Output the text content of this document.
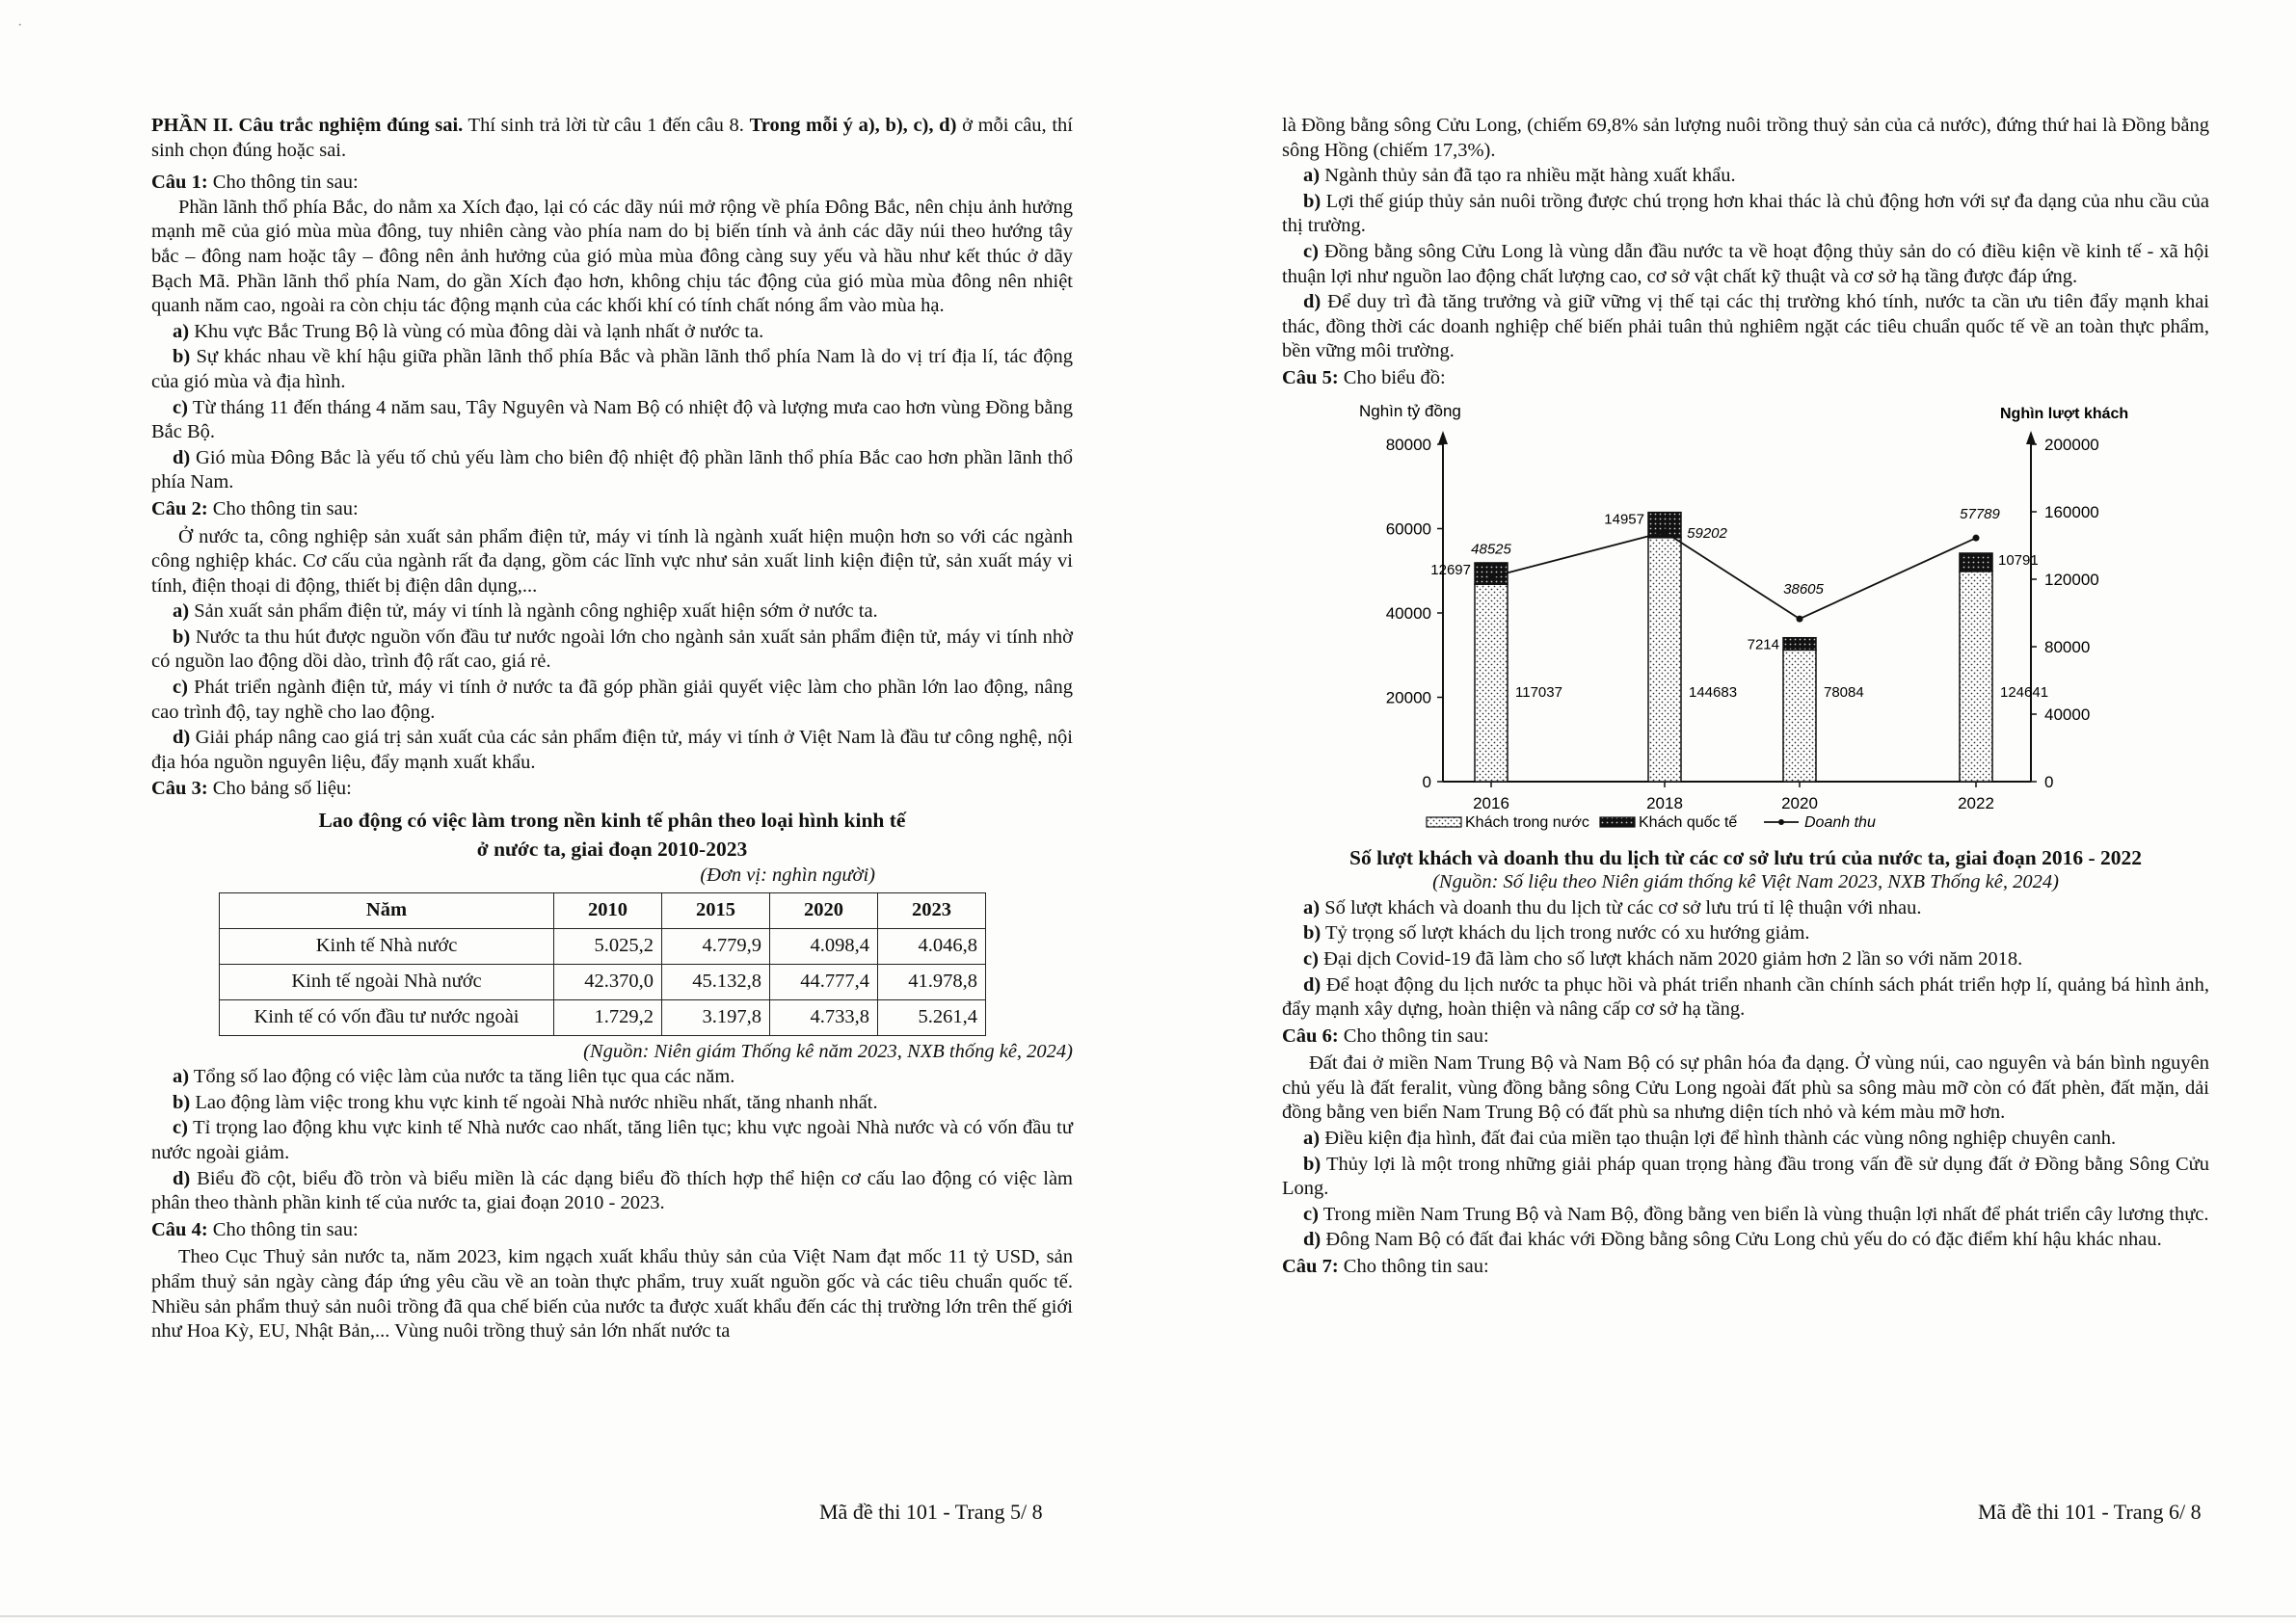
·

PHẦN II. Câu trắc nghiệm đúng sai. Thí sinh trả lời từ câu 1 đến câu 8. Trong mỗi ý a), b), c), d) ở mỗi câu, thí sinh chọn đúng hoặc sai.

Câu 1: Cho thông tin sau:

Phần lãnh thổ phía Bắc, do nằm xa Xích đạo, lại có các dãy núi mở rộng về phía Đông Bắc, nên chịu ảnh hưởng mạnh mẽ của gió mùa mùa đông, tuy nhiên càng vào phía nam do bị biến tính và ảnh các dãy núi theo hướng tây bắc – đông nam hoặc tây – đông nên ảnh hưởng của gió mùa mùa đông càng suy yếu và hầu như kết thúc ở dãy Bạch Mã. Phần lãnh thổ phía Nam, do gần Xích đạo hơn, không chịu tác động của gió mùa mùa đông nên nhiệt quanh năm cao, ngoài ra còn chịu tác động mạnh của các khối khí có tính chất nóng ẩm vào mùa hạ.

a) Khu vực Bắc Trung Bộ là vùng có mùa đông dài và lạnh nhất ở nước ta.

b) Sự khác nhau về khí hậu giữa phần lãnh thổ phía Bắc và phần lãnh thổ phía Nam là do vị trí địa lí, tác động của gió mùa và địa hình.

c) Từ tháng 11 đến tháng 4 năm sau, Tây Nguyên và Nam Bộ có nhiệt độ và lượng mưa cao hơn vùng Đồng bằng Bắc Bộ.

d) Gió mùa Đông Bắc là yếu tố chủ yếu làm cho biên độ nhiệt độ phần lãnh thổ phía Bắc cao hơn phần lãnh thổ phía Nam.

Câu 2: Cho thông tin sau:

Ở nước ta, công nghiệp sản xuất sản phẩm điện tử, máy vi tính là ngành xuất hiện muộn hơn so với các ngành công nghiệp khác. Cơ cấu của ngành rất đa dạng, gồm các lĩnh vực như sản xuất linh kiện điện tử, sản xuất máy vi tính, điện thoại di động, thiết bị điện dân dụng,...

a) Sản xuất sản phẩm điện tử, máy vi tính là ngành công nghiệp xuất hiện sớm ở nước ta.

b) Nước ta thu hút được nguồn vốn đầu tư nước ngoài lớn cho ngành sản xuất sản phẩm điện tử, máy vi tính nhờ có nguồn lao động dồi dào, trình độ rất cao, giá rẻ.

c) Phát triển ngành điện tử, máy vi tính ở nước ta đã góp phần giải quyết việc làm cho phần lớn lao động, nâng cao trình độ, tay nghề cho lao động.

d) Giải pháp nâng cao giá trị sản xuất của các sản phẩm điện tử, máy vi tính ở Việt Nam là đầu tư công nghệ, nội địa hóa nguồn nguyên liệu, đẩy mạnh xuất khẩu.

Câu 3: Cho bảng số liệu:

Lao động có việc làm trong nền kinh tế phân theo loại hình kinh tế
ở nước ta, giai đoạn 2010-2023

(Đơn vị: nghìn người)

Năm	2010	2015	2020	2023
Kinh tế Nhà nước	5.025,2	4.779,9	4.098,4	4.046,8
Kinh tế ngoài Nhà nước	42.370,0	45.132,8	44.777,4	41.978,8
Kinh tế có vốn đầu tư nước ngoài	1.729,2	3.197,8	4.733,8	5.261,4

(Nguồn: Niên giám Thống kê năm 2023, NXB thống kê, 2024)

a) Tổng số lao động có việc làm của nước ta tăng liên tục qua các năm.

b) Lao động làm việc trong khu vực kinh tế ngoài Nhà nước nhiều nhất, tăng nhanh nhất.

c) Tỉ trọng lao động khu vực kinh tế Nhà nước cao nhất, tăng liên tục; khu vực ngoài Nhà nước và có vốn đầu tư nước ngoài giảm.

d) Biểu đồ cột, biểu đồ tròn và biểu miền là các dạng biểu đồ thích hợp thể hiện cơ cấu lao động có việc làm phân theo thành phần kinh tế của nước ta, giai đoạn 2010 - 2023.

Câu 4: Cho thông tin sau:

Theo Cục Thuỷ sản nước ta, năm 2023, kim ngạch xuất khẩu thủy sản của Việt Nam đạt mốc 11 tỷ USD, sản phẩm thuỷ sản ngày càng đáp ứng yêu cầu về an toàn thực phẩm, truy xuất nguồn gốc và các tiêu chuẩn quốc tế. Nhiều sản phẩm thuỷ sản nuôi trồng đã qua chế biến của nước ta được xuất khẩu đến các thị trường lớn trên thế giới như Hoa Kỳ, EU, Nhật Bản,... Vùng nuôi trồng thuỷ sản lớn nhất nước ta

Mã đề thi 101 - Trang 5/ 8

là Đồng bằng sông Cửu Long, (chiếm 69,8% sản lượng nuôi trồng thuỷ sản của cả nước), đứng thứ hai là Đồng bằng sông Hồng (chiếm 17,3%).

a) Ngành thủy sản đã tạo ra nhiều mặt hàng xuất khẩu.

b) Lợi thế giúp thủy sản nuôi trồng được chú trọng hơn khai thác là chủ động hơn với sự đa dạng của nhu cầu của thị trường.

c) Đồng bằng sông Cửu Long là vùng dẫn đầu nước ta về hoạt động thủy sản do có điều kiện về kinh tế - xã hội thuận lợi như nguồn lao động chất lượng cao, cơ sở vật chất kỹ thuật và cơ sở hạ tầng được đáp ứng.

d) Để duy trì đà tăng trưởng và giữ vững vị thế tại các thị trường khó tính, nước ta cần ưu tiên đẩy mạnh khai thác, đồng thời các doanh nghiệp chế biến phải tuân thủ nghiêm ngặt các tiêu chuẩn quốc tế về an toàn thực phẩm, bền vững môi trường.

Câu 5: Cho biểu đồ:

Nghìn tỷ đồng	Nghìn lượt khách
0
20000
40000
60000
80000
0
40000
80000
120000
160000
200000
2016
117037
12697
2018
144683
14957
2020
78084
7214
2022
124641
10791
48525
59202
38605
57789
Khách trong nước	Khách quốc tế	Doanh thu

Số lượt khách và doanh thu du lịch từ các cơ sở lưu trú của nước ta, giai đoạn 2016 - 2022

(Nguồn: Số liệu theo Niên giám thống kê Việt Nam 2023, NXB Thống kê, 2024)

a) Số lượt khách và doanh thu du lịch từ các cơ sở lưu trú tỉ lệ thuận với nhau.

b) Tỷ trọng số lượt khách du lịch trong nước có xu hướng giảm.

c) Đại dịch Covid-19 đã làm cho số lượt khách năm 2020 giảm hơn 2 lần so với năm 2018.

d) Để hoạt động du lịch nước ta phục hồi và phát triển nhanh cần chính sách phát triển hợp lí, quảng bá hình ảnh, đẩy mạnh xây dựng, hoàn thiện và nâng cấp cơ sở hạ tầng.

Câu 6: Cho thông tin sau:

Đất đai ở miền Nam Trung Bộ và Nam Bộ có sự phân hóa đa dạng. Ở vùng núi, cao nguyên và bán bình nguyên chủ yếu là đất feralit, vùng đồng bằng sông Cửu Long ngoài đất phù sa sông màu mỡ còn có đất phèn, đất mặn, dải đồng bằng ven biển Nam Trung Bộ có đất phù sa nhưng diện tích nhỏ và kém màu mỡ hơn.

a) Điều kiện địa hình, đất đai của miền tạo thuận lợi để hình thành các vùng nông nghiệp chuyên canh.

b) Thủy lợi là một trong những giải pháp quan trọng hàng đầu trong vấn đề sử dụng đất ở Đồng bằng Sông Cửu Long.

c) Trong miền Nam Trung Bộ và Nam Bộ, đồng bằng ven biển là vùng thuận lợi nhất để phát triển cây lương thực.

d) Đông Nam Bộ có đất đai khác với Đồng bằng sông Cửu Long chủ yếu do có đặc điểm khí hậu khác nhau.

Câu 7: Cho thông tin sau:

Mã đề thi 101 - Trang 6/ 8
